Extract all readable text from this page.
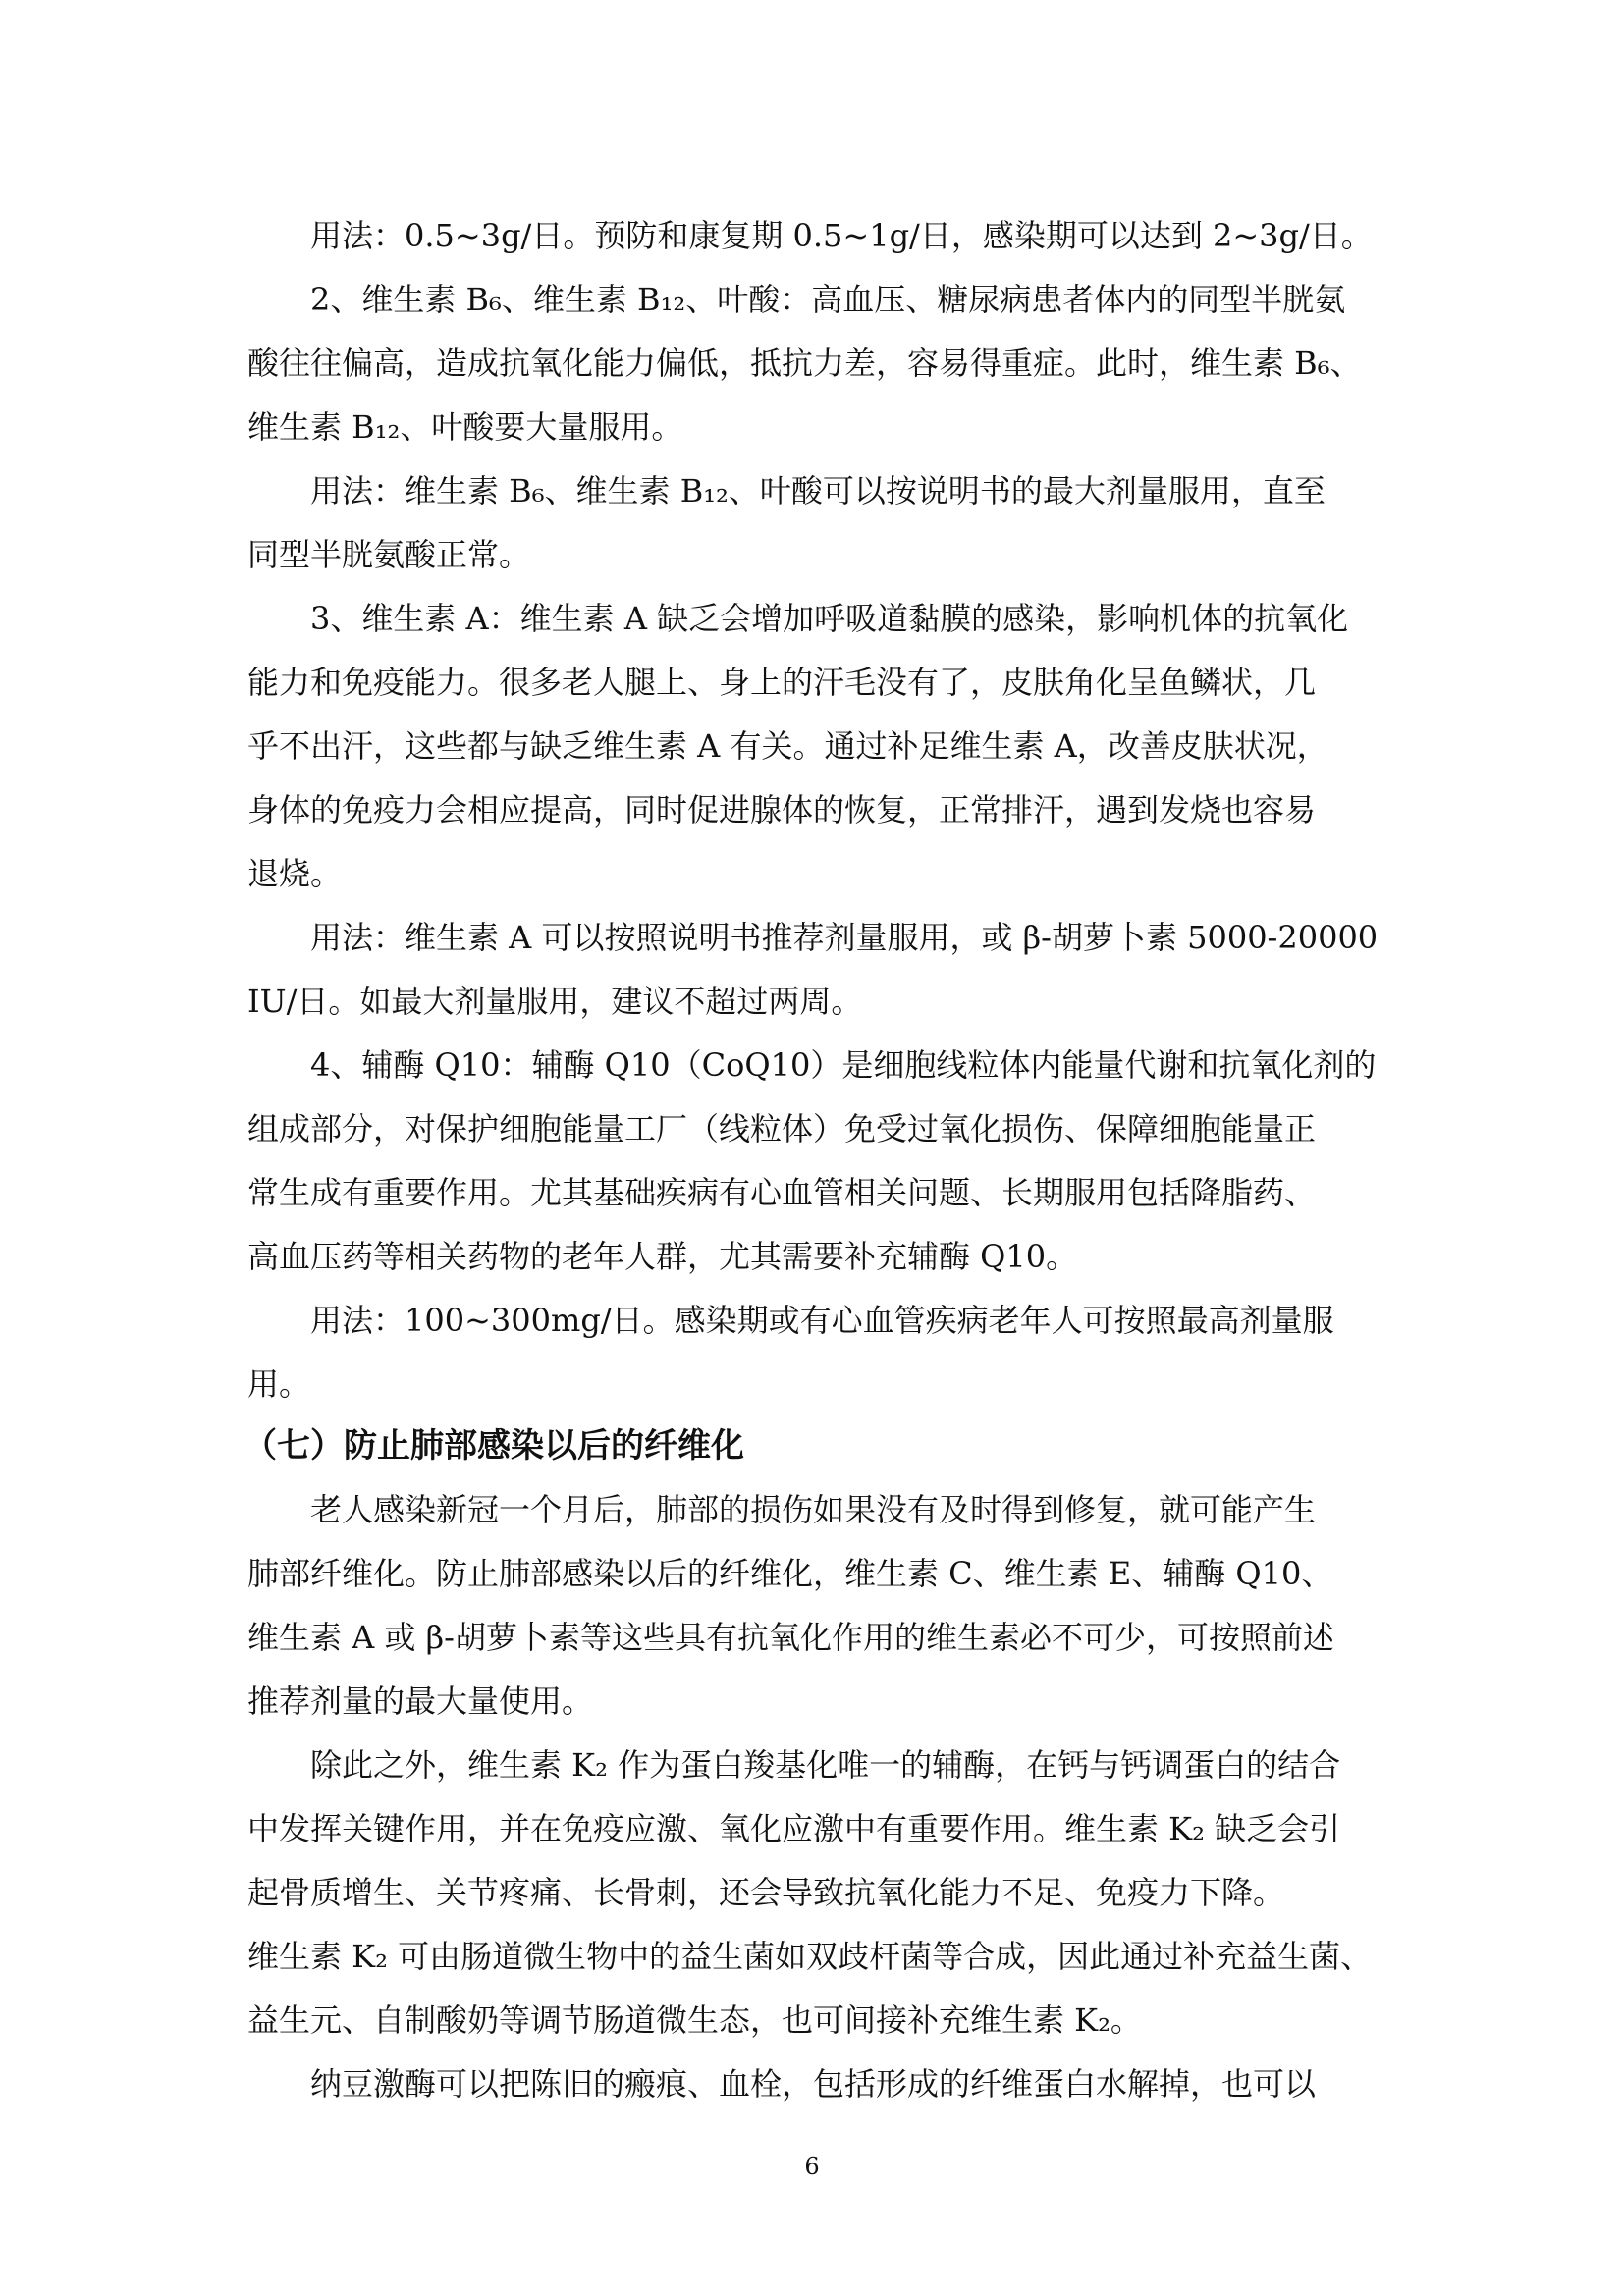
用法：0.5~3g/日。预防和康复期 0.5~1g/日，感染期可以达到 2~3g/日。

2、维生素 B₆、维生素 B₁₂、叶酸：高血压、糖尿病患者体内的同型半胱氨

酸往往偏高，造成抗氧化能力偏低，抵抗力差，容易得重症。此时，维生素 B₆、

维生素 B₁₂、叶酸要大量服用。

用法：维生素 B₆、维生素 B₁₂、叶酸可以按说明书的最大剂量服用，直至

同型半胱氨酸正常。

3、维生素 A：维生素 A 缺乏会增加呼吸道黏膜的感染，影响机体的抗氧化

能力和免疫能力。很多老人腿上、身上的汗毛没有了，皮肤角化呈鱼鳞状，几

乎不出汗，这些都与缺乏维生素 A 有关。通过补足维生素 A，改善皮肤状况，

身体的免疫力会相应提高，同时促进腺体的恢复，正常排汗，遇到发烧也容易

退烧。

用法：维生素 A 可以按照说明书推荐剂量服用，或 β-胡萝卜素 5000-20000

IU/日。如最大剂量服用，建议不超过两周。

4、辅酶 Q10：辅酶 Q10（CoQ10）是细胞线粒体内能量代谢和抗氧化剂的

组成部分，对保护细胞能量工厂（线粒体）免受过氧化损伤、保障细胞能量正

常生成有重要作用。尤其基础疾病有心血管相关问题、长期服用包括降脂药、

高血压药等相关药物的老年人群，尤其需要补充辅酶 Q10。

用法：100~300mg/日。感染期或有心血管疾病老年人可按照最高剂量服

用。

（七）防止肺部感染以后的纤维化

老人感染新冠一个月后，肺部的损伤如果没有及时得到修复，就可能产生

肺部纤维化。防止肺部感染以后的纤维化，维生素 C、维生素 E、辅酶 Q10、

维生素 A 或 β-胡萝卜素等这些具有抗氧化作用的维生素必不可少，可按照前述

推荐剂量的最大量使用。

除此之外，维生素 K₂ 作为蛋白羧基化唯一的辅酶，在钙与钙调蛋白的结合

中发挥关键作用，并在免疫应激、氧化应激中有重要作用。维生素 K₂ 缺乏会引

起骨质增生、关节疼痛、长骨刺，还会导致抗氧化能力不足、免疫力下降。

维生素 K₂ 可由肠道微生物中的益生菌如双歧杆菌等合成，因此通过补充益生菌、

益生元、自制酸奶等调节肠道微生态，也可间接补充维生素 K₂。

纳豆激酶可以把陈旧的瘢痕、血栓，包括形成的纤维蛋白水解掉，也可以

6
